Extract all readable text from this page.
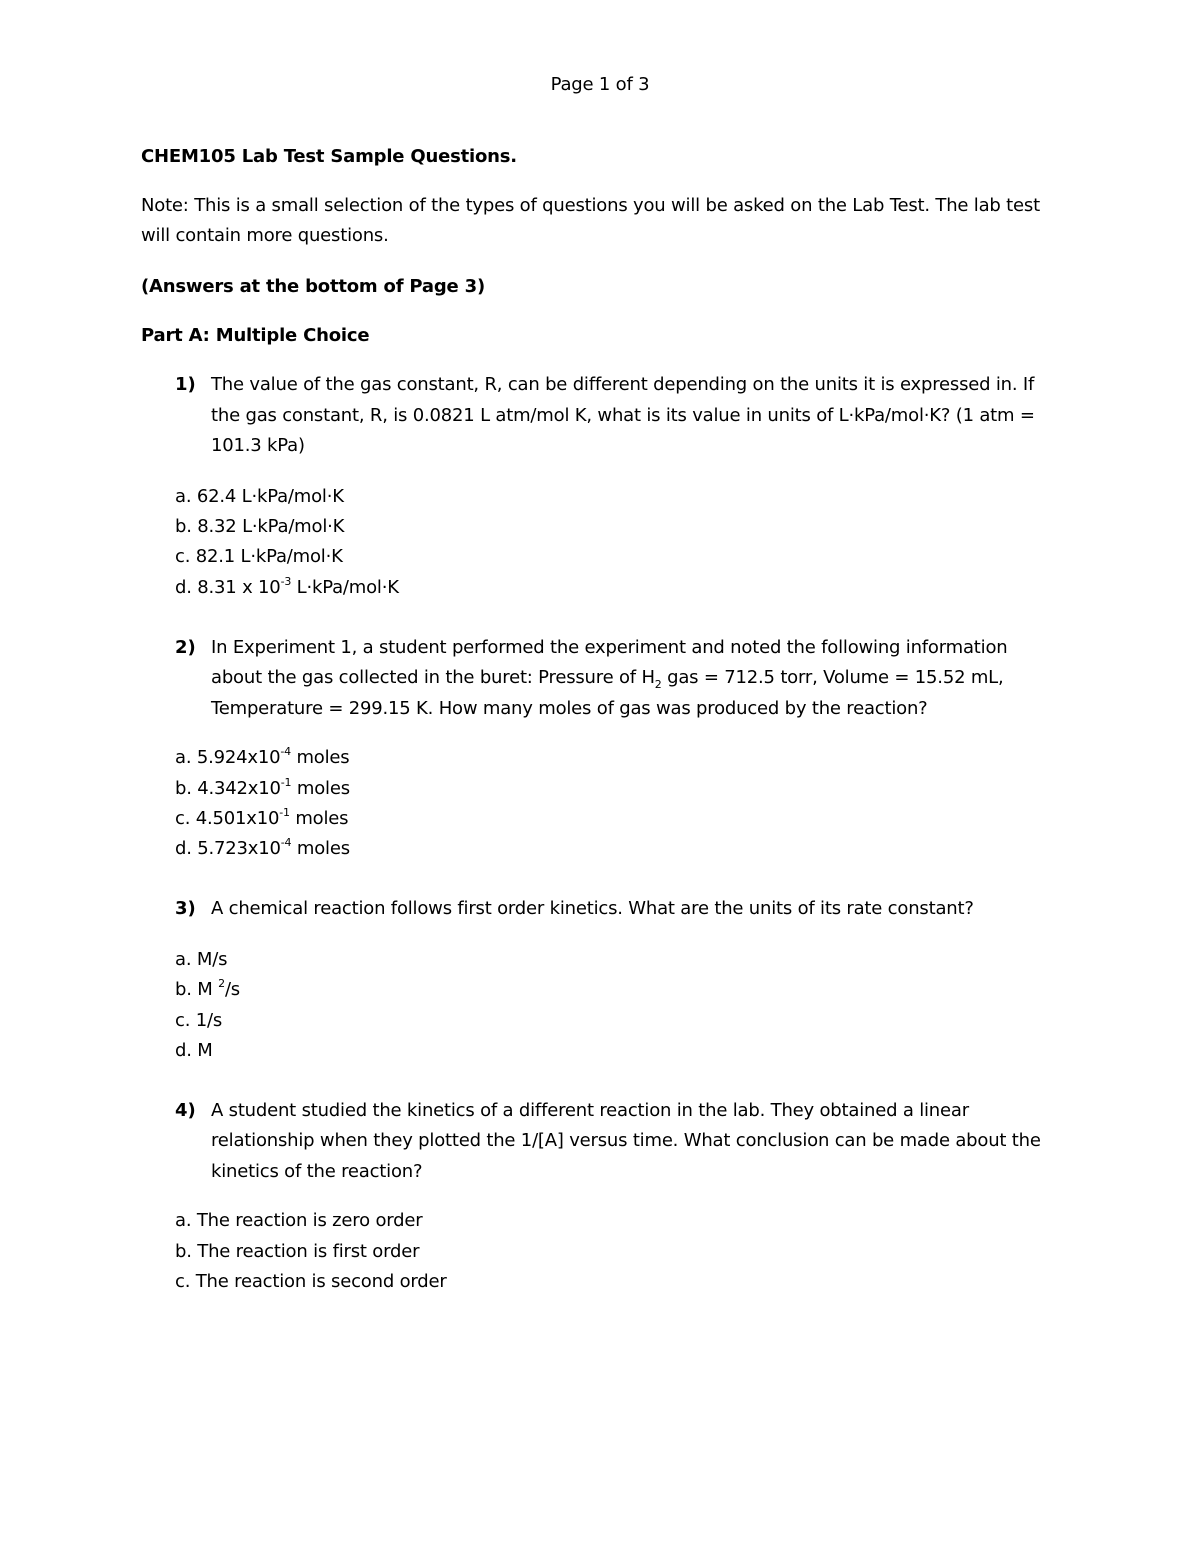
Page 1 of 3
CHEM105 Lab Test Sample Questions.
Note: This is a small selection of the types of questions you will be asked on the Lab Test. The lab test
will contain more questions.
(Answers at the bottom of Page 3)
Part A: Multiple Choice
1) The value of the gas constant, R, can be different depending on the units it is expressed in. If
the gas constant, R, is 0.0821 L atm/mol K, what is its value in units of L·kPa/mol·K? (1 atm =
101.3 kPa)
a. 62.4 L·kPa/mol·K
b. 8.32 L·kPa/mol·K
c. 82.1 L·kPa/mol·K
d. 8.31 x $10^{-3}$ L·kPa/mol·K
2) In Experiment 1, a student performed the experiment and noted the following information
about the gas collected in the buret: Pressure of $H_2$ gas = 712.5 torr, Volume = 15.52 mL,
Temperature = 299.15 K. How many moles of gas was produced by the reaction?
a. $5.924x10^{-4}$ moles
b. $4.342x10^{-1}$ moles
c. $4.501x10^{-1}$ moles
d. $5.723x10^{-4}$ moles
3) A chemical reaction follows first order kinetics. What are the units of its rate constant?
a. M/s
b. M $^2$/s
c. 1/s
d. M
4) A student studied the kinetics of a different reaction in the lab. They obtained a linear
relationship when they plotted the 1/[A] versus time. What conclusion can be made about the
kinetics of the reaction?
a. The reaction is zero order
b. The reaction is first order
c. The reaction is second order
